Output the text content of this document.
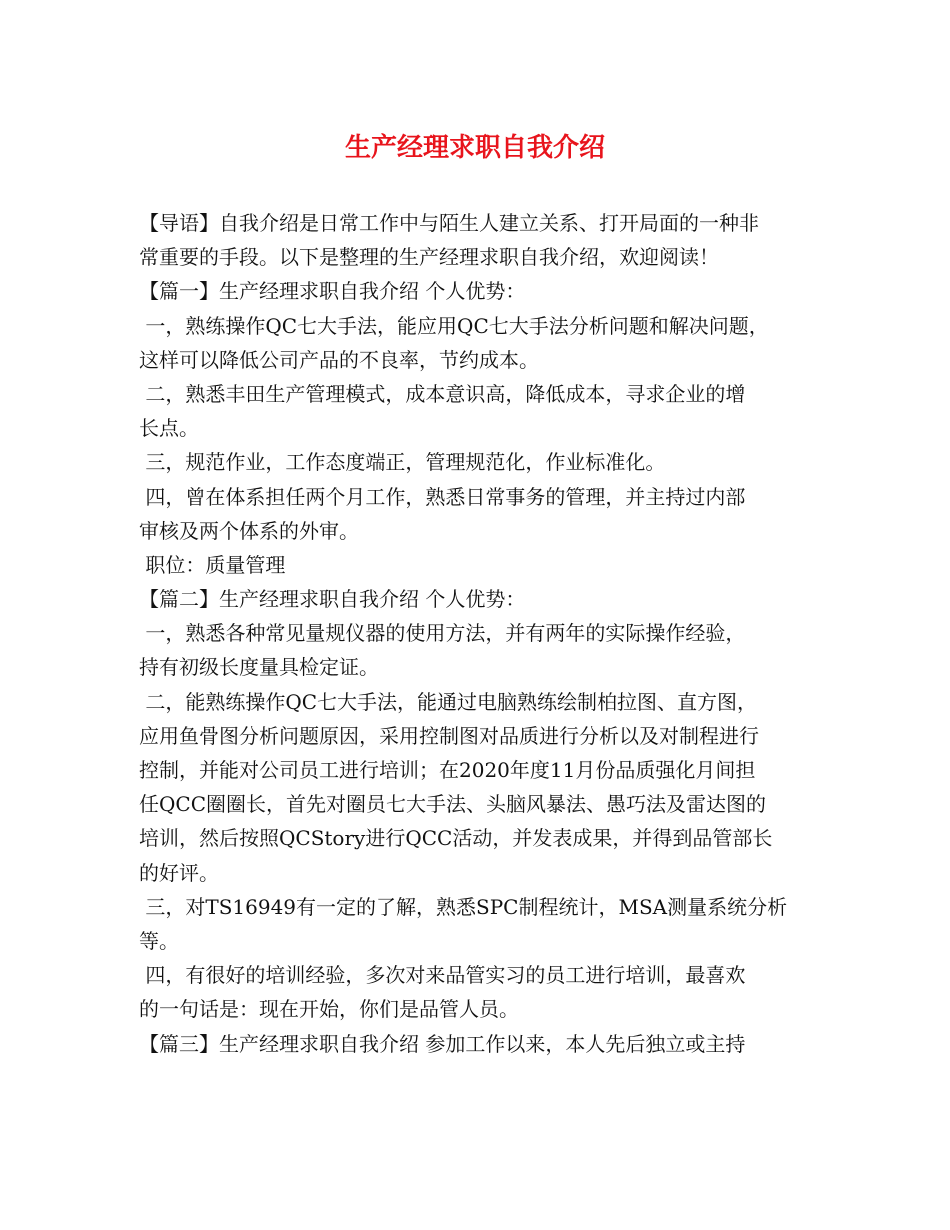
生产经理求职自我介绍
【导语】自我介绍是日常工作中与陌生人建立关系、打开局面的一种非
常重要的手段。以下是整理的生产经理求职自我介绍，欢迎阅读！
【篇一】生产经理求职自我介绍 个人优势：
一，熟练操作QC七大手法，能应用QC七大手法分析问题和解决问题，
这样可以降低公司产品的不良率，节约成本。
二，熟悉丰田生产管理模式，成本意识高，降低成本，寻求企业的增
长点。
三，规范作业，工作态度端正，管理规范化，作业标准化。
四，曾在体系担任两个月工作，熟悉日常事务的管理，并主持过内部
审核及两个体系的外审。
职位：质量管理
【篇二】生产经理求职自我介绍 个人优势：
一，熟悉各种常见量规仪器的使用方法，并有两年的实际操作经验，
持有初级长度量具检定证。
二，能熟练操作QC七大手法，能通过电脑熟练绘制柏拉图、直方图，
应用鱼骨图分析问题原因，采用控制图对品质进行分析以及对制程进行
控制，并能对公司员工进行培训；在2020年度11月份品质强化月间担
任QCC圈圈长，首先对圈员七大手法、头脑风暴法、愚巧法及雷达图的
培训，然后按照QCStory进行QCC活动，并发表成果，并得到品管部长
的好评。
三，对TS16949有一定的了解，熟悉SPC制程统计，MSA测量系统分析
等。
四，有很好的培训经验，多次对来品管实习的员工进行培训，最喜欢
的一句话是：现在开始，你们是品管人员。
【篇三】生产经理求职自我介绍 参加工作以来，本人先后独立或主持
